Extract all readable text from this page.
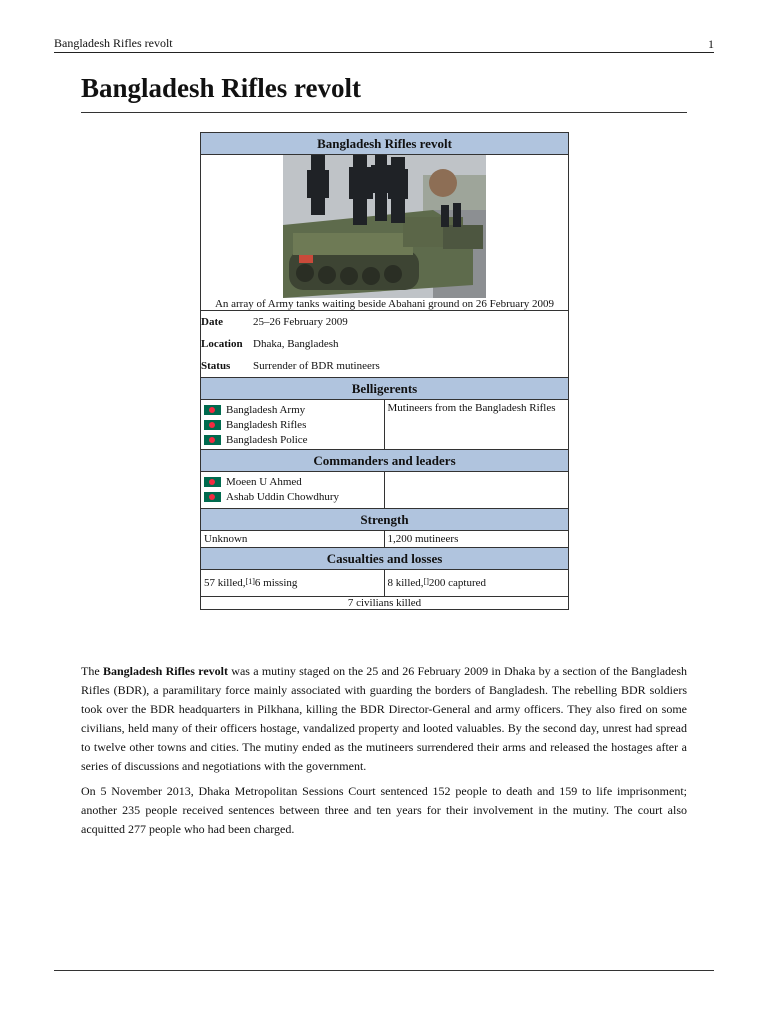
Bangladesh Rifles revolt	1
Bangladesh Rifles revolt
Bangladesh Rifles revolt

An array of Army tanks waiting beside Abahani ground on 26 February 2009

Date	25–26 February 2009
Location Dhaka, Bangladesh
Status	Surrender of BDR mutineers

Belligerents

Bangladesh Army
Bangladesh Rifles
Bangladesh Police
Mutineers from the Bangladesh Rifles

Commanders and leaders

Moeen U Ahmed
Ashab Uddin Chowdhury

Strength

Unknown	1,200 mutineers

Casualties and losses

57 killed, [1] 6 missing	8 killed, [] 200 captured

7 civilians killed

The Bangladesh Rifles revolt was a mutiny staged on the 25 and 26 February 2009 in Dhaka by a section of the Bangladesh Rifles (BDR), a paramilitary force mainly associated with guarding the borders of Bangladesh. The rebelling BDR soldiers took over the BDR headquarters in Pilkhana, killing the BDR Director-General and army officers. They also fired on some civilians, held many of their officers hostage, vandalized property and looted valuables. By the second day, unrest had spread to twelve other towns and cities. The mutiny ended as the mutineers surrendered their arms and released the hostages after a series of discussions and negotiations with the government.

On 5 November 2013, Dhaka Metropolitan Sessions Court sentenced 152 people to death and 159 to life imprisonment; another 235 people received sentences between three and ten years for their involvement in the mutiny. The court also acquitted 277 people who had been charged.
